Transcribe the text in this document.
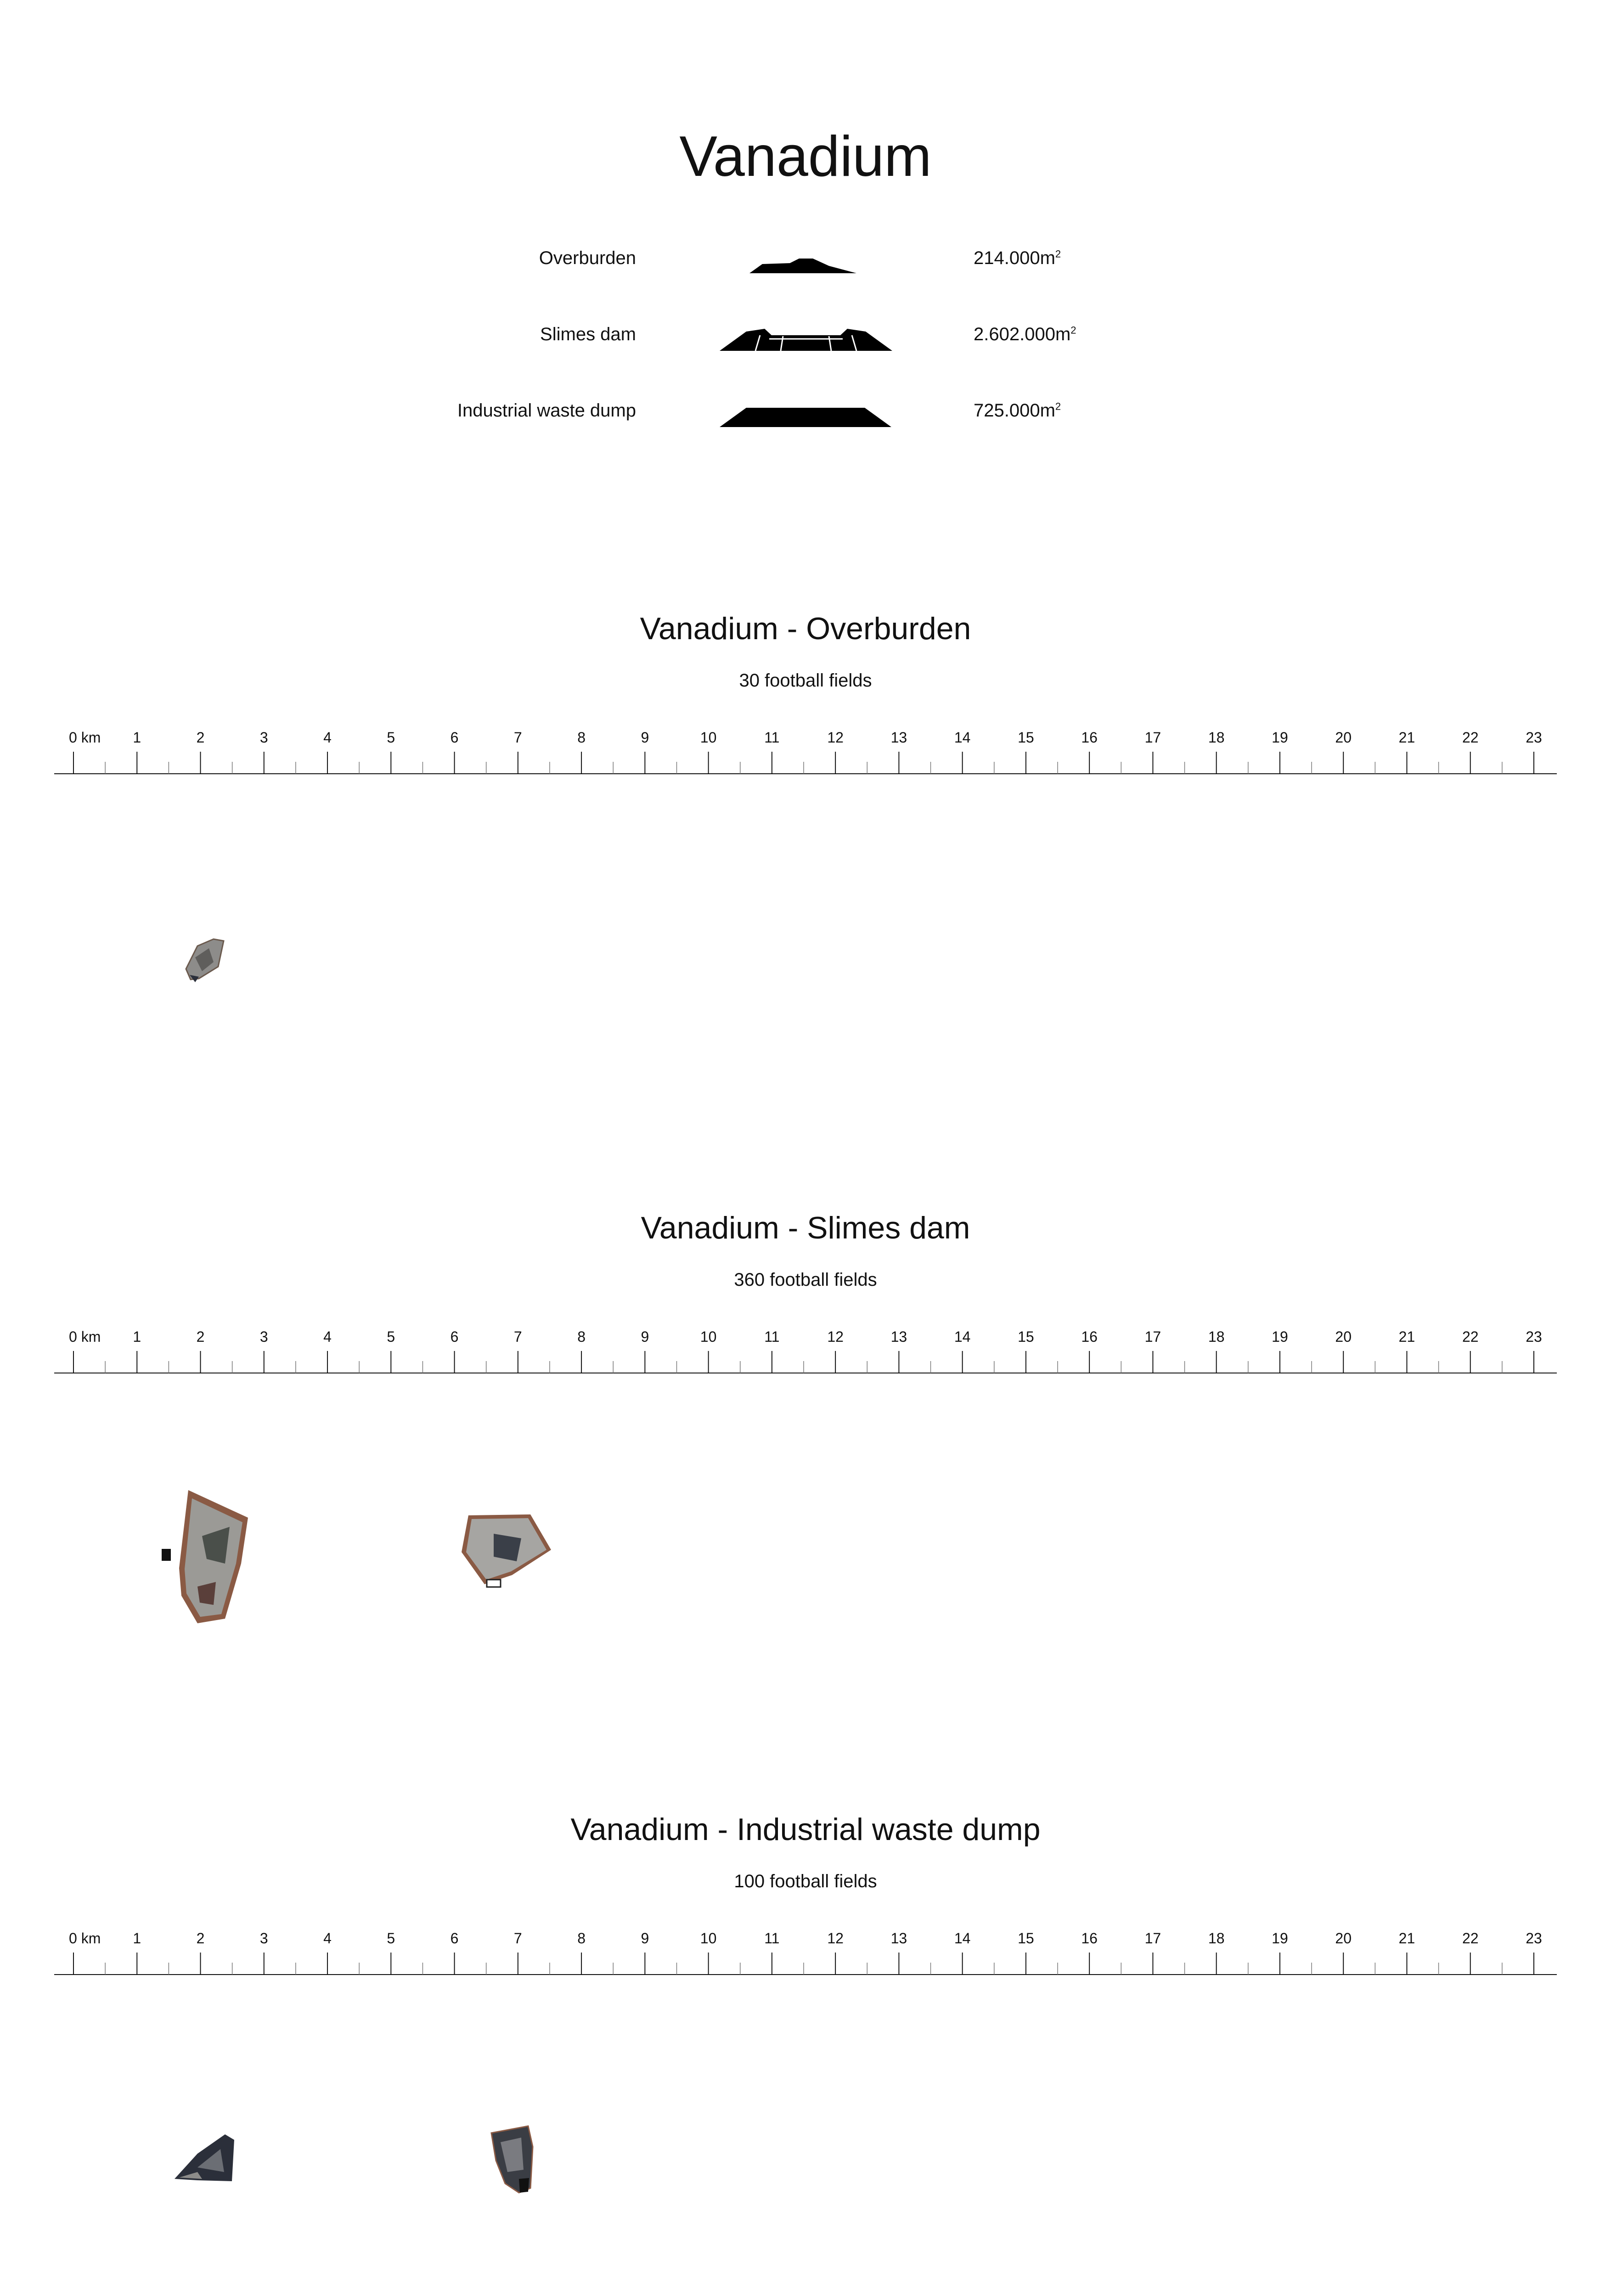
Vanadium
Overburden	$214.000m^2$
Slimes dam	$2.602.000m^2$
Industrial waste dump	$725.000m^2$
Vanadium - Overburden
30 football fields
0 km 1	2	3	4	5	6	7	8	9	10	11	12	13	14	15	16	17	18	19	20	21	22	23
Vanadium - Slimes dam
360 football fields
0 km 1	2	3	4	5	6	7	8	9	10	11	12	13	14	15	16	17	18	19	20	21	22	23
Vanadium - Industrial waste dump
100 football fields
0 km 1	2	3	4	5	6	7	8	9	10	11	12	13	14	15	16	17	18	19	20	21	22	23
